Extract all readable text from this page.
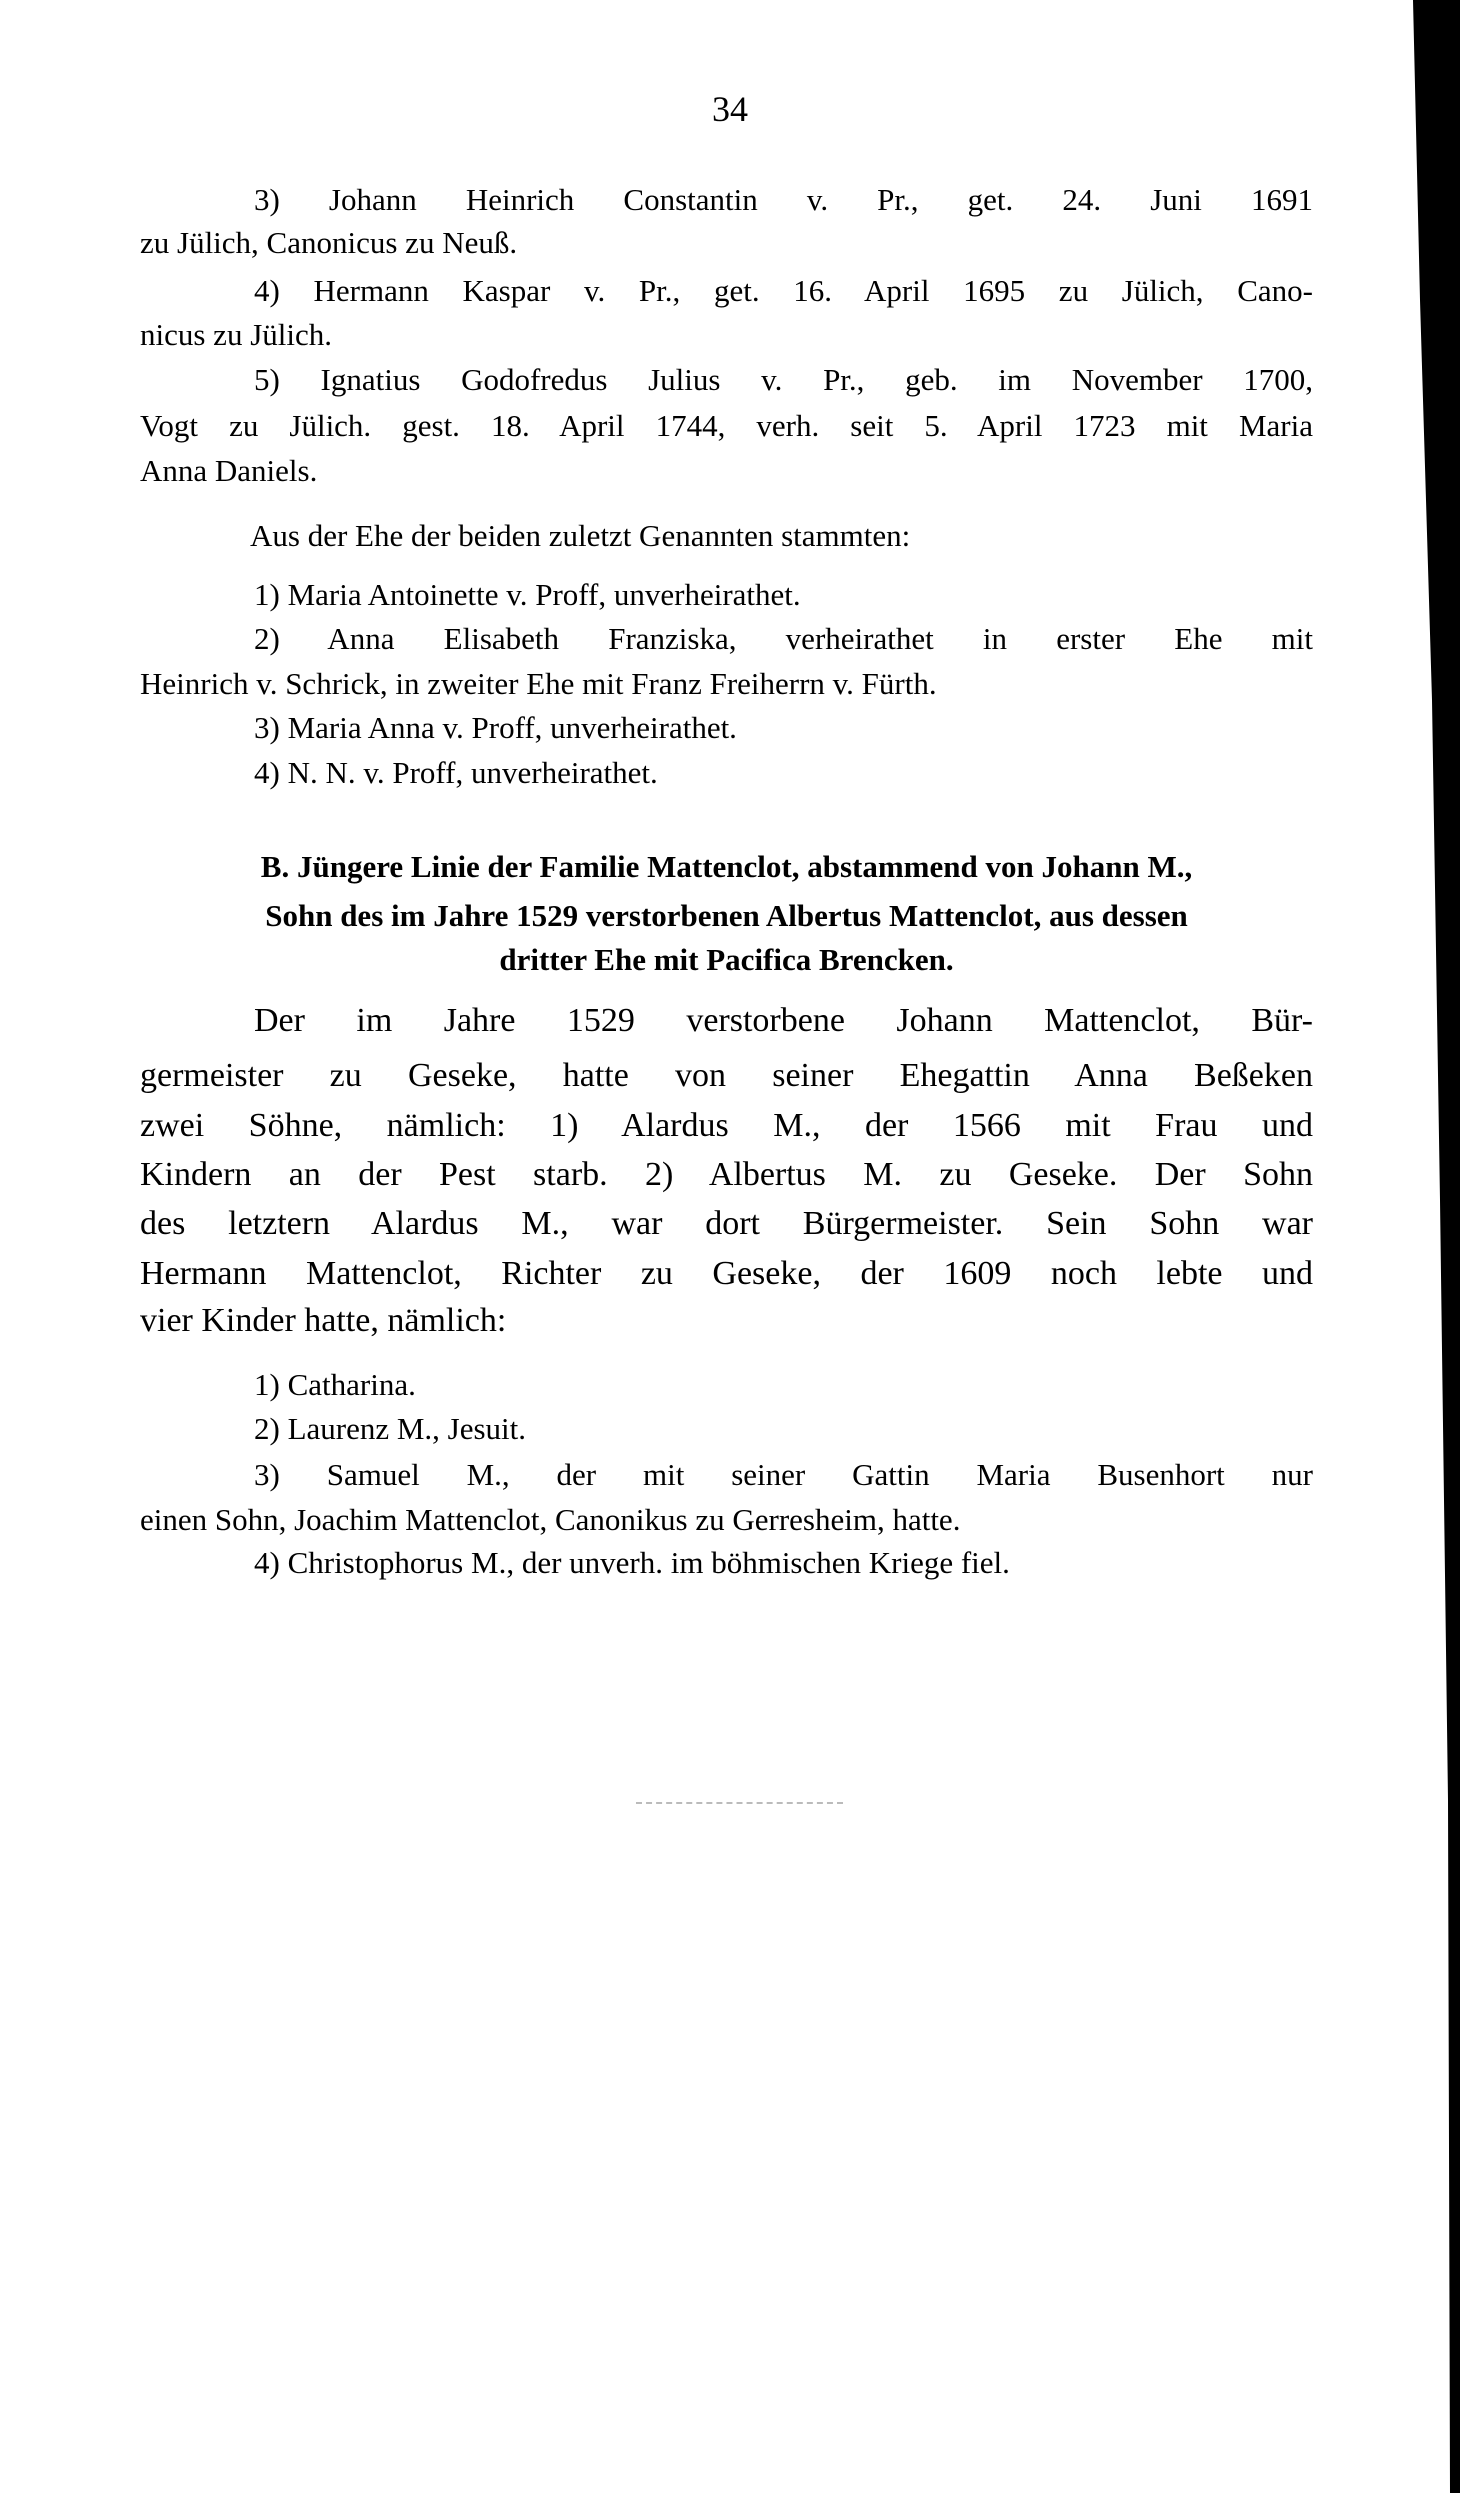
34
3) Johann Heinrich Constantin v. Pr., get. 24. Juni 1691
zu Jülich, Canonicus zu Neuß.
4) Hermann Kaspar v. Pr., get. 16. April 1695 zu Jülich, Cano-
nicus zu Jülich.
5) Ignatius Godofredus Julius v. Pr., geb. im November 1700,
Vogt zu Jülich. gest. 18. April 1744, verh. seit 5. April 1723 mit Maria
Anna Daniels.
Aus der Ehe der beiden zuletzt Genannten stammten:
1) Maria Antoinette v. Proff, unverheirathet.
2) Anna Elisabeth Franziska, verheirathet in erster Ehe mit
Heinrich v. Schrick, in zweiter Ehe mit Franz Freiherrn v. Fürth.
3) Maria Anna v. Proff, unverheirathet.
4) N. N. v. Proff, unverheirathet.
B. Jüngere Linie der Familie Mattenclot, abstammend von Johann M.,
Sohn des im Jahre 1529 verstorbenen Albertus Mattenclot, aus dessen
dritter Ehe mit Pacifica Brencken.
Der im Jahre 1529 verstorbene Johann Mattenclot, Bür-
germeister zu Geseke, hatte von seiner Ehegattin Anna Beßeken
zwei Söhne, nämlich: 1) Alardus M., der 1566 mit Frau und
Kindern an der Pest starb. 2) Albertus M. zu Geseke. Der Sohn
des letztern Alardus M., war dort Bürgermeister. Sein Sohn war
Hermann Mattenclot, Richter zu Geseke, der 1609 noch lebte und
vier Kinder hatte, nämlich:
1) Catharina.
2) Laurenz M., Jesuit.
3) Samuel M., der mit seiner Gattin Maria Busenhort nur
einen Sohn, Joachim Mattenclot, Canonikus zu Gerresheim, hatte.
4) Christophorus M., der unverh. im böhmischen Kriege fiel.
